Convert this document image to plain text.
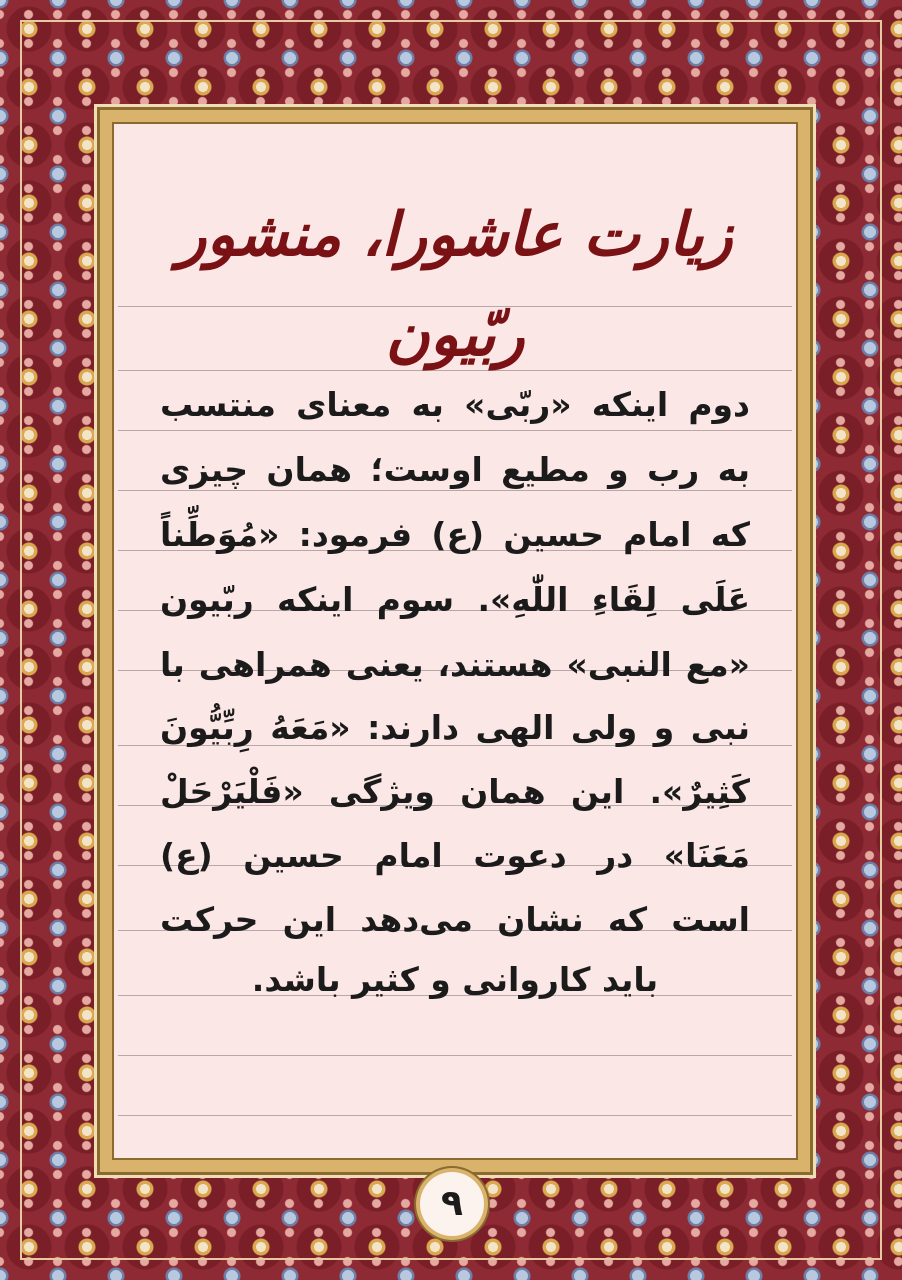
زیارت عاشورا، منشور ربّیون
دوم اینکه «ربّی» به معنای منتسب
به رب و مطیع اوست؛ همان چیزی
که امام حسین (ع) فرمود: «مُوَطِّناً
عَلَی لِقَاءِ اللّٰهِ». سوم اینکه ربّیون
«مع النبی» هستند، یعنی همراهی با
نبی و ولی الهی دارند: «مَعَهُ رِبِّیُّونَ
کَثِیرٌ». این همان ویژگی «فَلْیَرْحَلْ
مَعَنَا» در دعوت امام حسین (ع)
است که نشان می‌دهد این حرکت
باید کاروانی و کثیر باشد.
۹
